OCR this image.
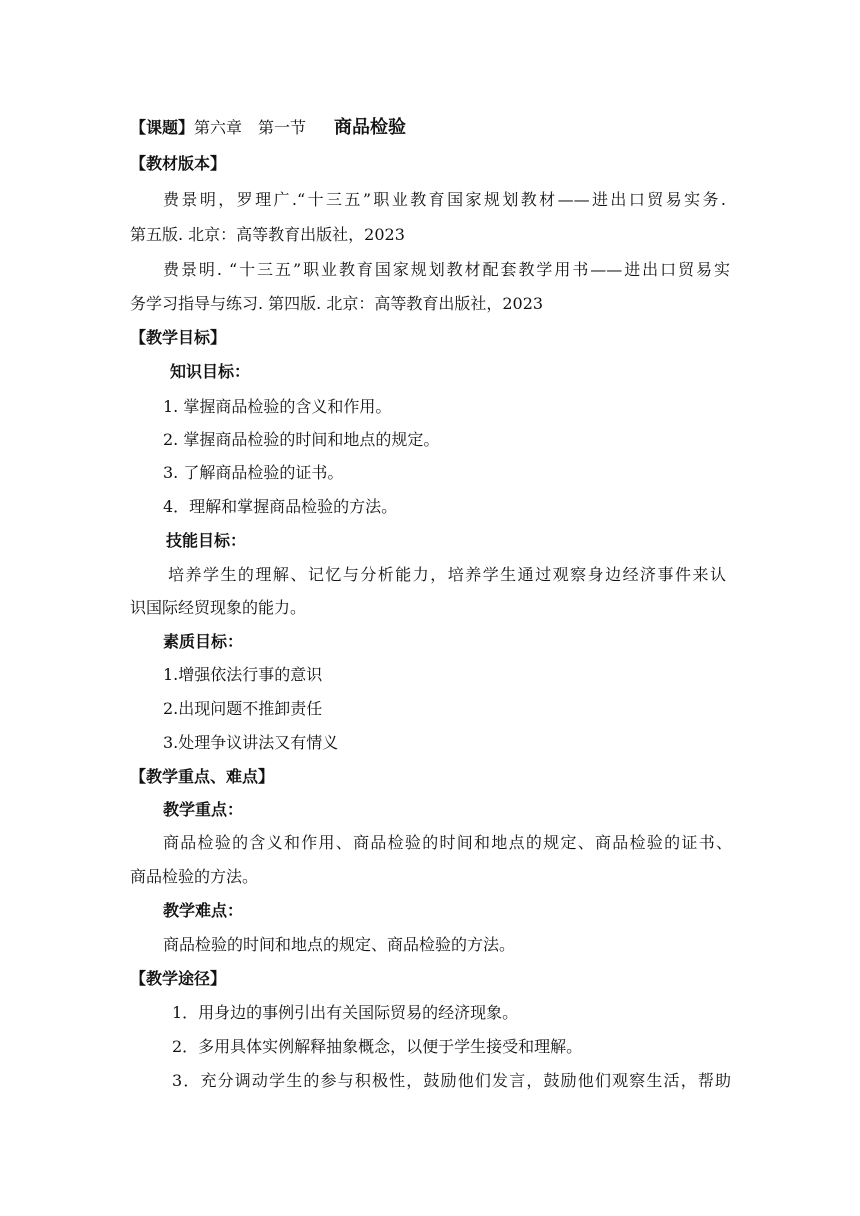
【课题】第六章　第一节 商品检验
【教材版本】
费景明，罗理广.“十三五”职业教育国家规划教材——进出口贸易实务.
第五版. 北京：高等教育出版社，2023
费景明. “十三五”职业教育国家规划教材配套教学用书——进出口贸易实
务学习指导与练习. 第四版. 北京：高等教育出版社，2023
【教学目标】
知识目标：
1. 掌握商品检验的含义和作用。
2. 掌握商品检验的时间和地点的规定。
3. 了解商品检验的证书。
4．理解和掌握商品检验的方法。
技能目标：
培养学生的理解、记忆与分析能力，培养学生通过观察身边经济事件来认
识国际经贸现象的能力。
素质目标：
1.增强依法行事的意识
2.出现问题不推卸责任
3.处理争议讲法又有情义
【教学重点、难点】
教学重点：
商品检验的含义和作用、商品检验的时间和地点的规定、商品检验的证书、
商品检验的方法。
教学难点：
商品检验的时间和地点的规定、商品检验的方法。
【教学途径】
1．用身边的事例引出有关国际贸易的经济现象。
2．多用具体实例解释抽象概念，以便于学生接受和理解。
3．充分调动学生的参与积极性，鼓励他们发言，鼓励他们观察生活，帮助
